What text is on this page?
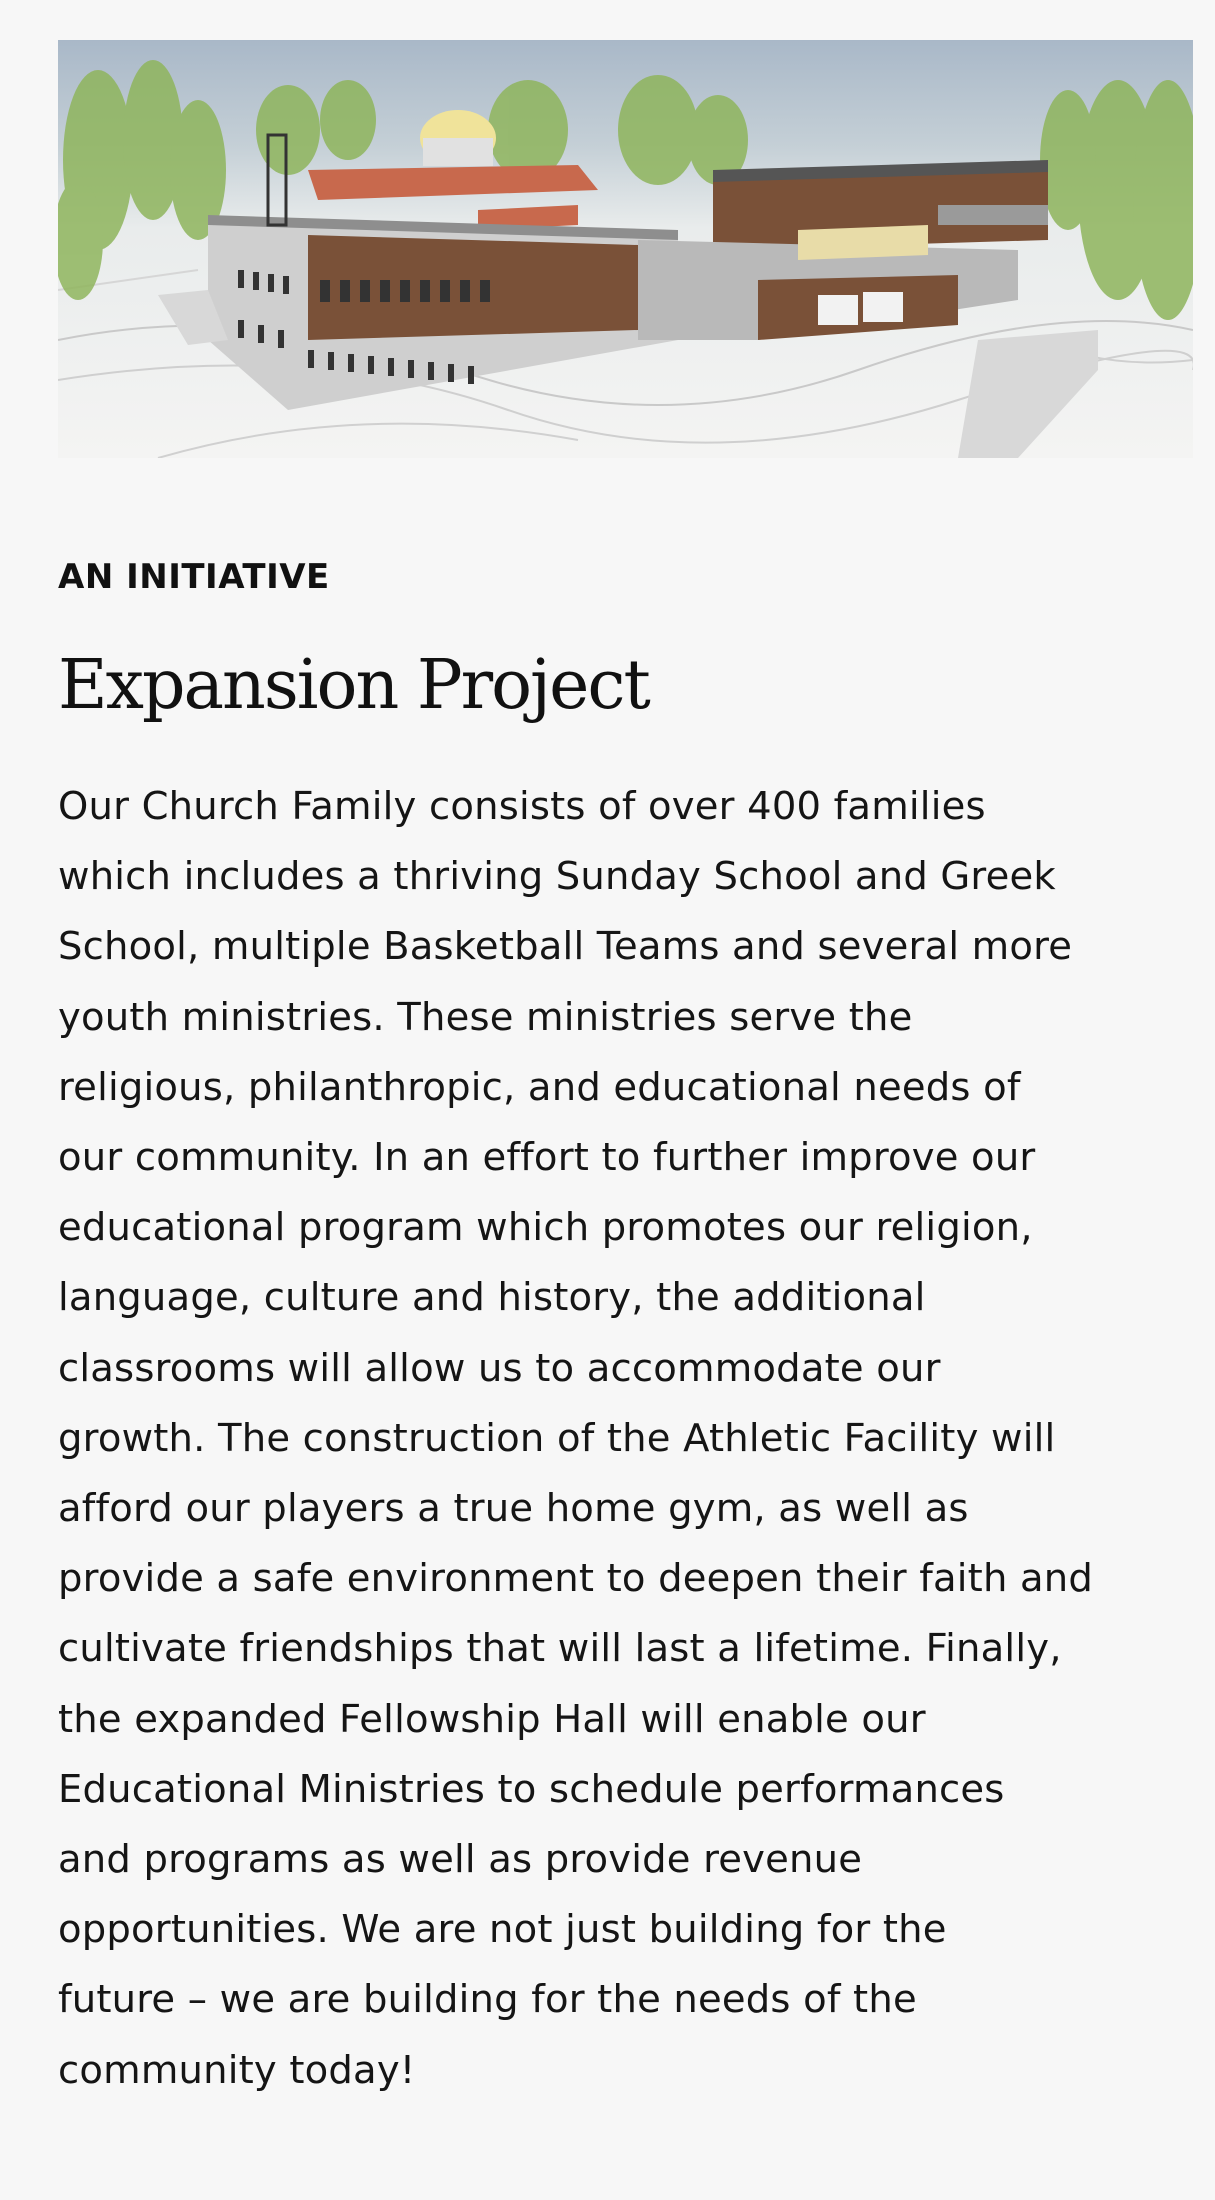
AN INITIATIVE
Expansion Project
Our Church Family consists of over 400 families
which includes a thriving Sunday School and Greek
School, multiple Basketball Teams and several more
youth ministries. These ministries serve the
religious, philanthropic, and educational needs of
our community. In an effort to further improve our
educational program which promotes our religion,
language, culture and history, the additional
classrooms will allow us to accommodate our
growth. The construction of the Athletic Facility will
afford our players a true home gym, as well as
provide a safe environment to deepen their faith and
cultivate friendships that will last a lifetime. Finally,
the expanded Fellowship Hall will enable our
Educational Ministries to schedule performances
and programs as well as provide revenue
opportunities. We are not just building for the
future – we are building for the needs of the
community today!
